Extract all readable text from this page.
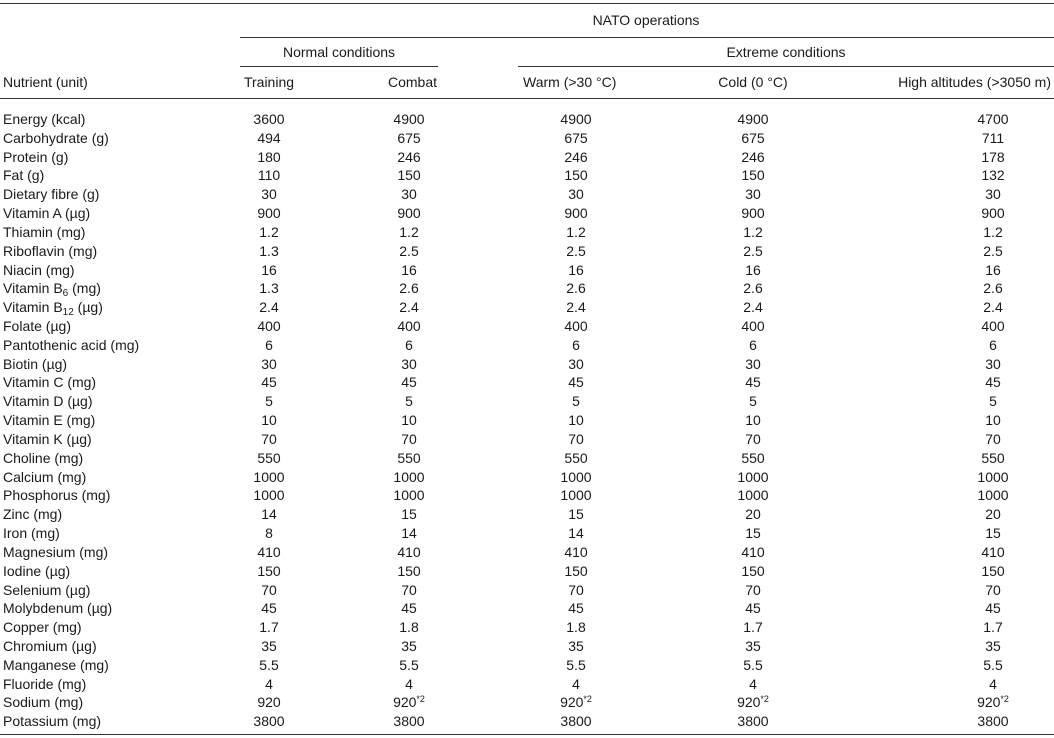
NATO operations
Normal conditions	Extreme conditions
Nutrient (unit)	Training	Combat	Warm (>30 °C)	Cold (0 °C)	High altitudes (>3050 m)
Energy (kcal)	3600	4900	4900	4900	4700
Carbohydrate (g)	494	675	675	675	711
Protein (g)	180	246	246	246	178
Fat (g)	110	150	150	150	132
Dietary fibre (g)	30	30	30	30	30
Vitamin A (µg)	900	900	900	900	900
Thiamin (mg)	1.2	1.2	1.2	1.2	1.2
Riboflavin (mg)	1.3	2.5	2.5	2.5	2.5
Niacin (mg)	16	16	16	16	16
Vitamin $B_6$ (mg)	1.3	2.6	2.6	2.6	2.6
Vitamin $B_{12}$ (µg)	2.4	2.4	2.4	2.4	2.4
Folate (µg)	400	400	400	400	400
Pantothenic acid (mg)	6	6	6	6	6
Biotin (µg)	30	30	30	30	30
Vitamin C (mg)	45	45	45	45	45
Vitamin D (µg)	5	5	5	5	5
Vitamin E (mg)	10	10	10	10	10
Vitamin K (µg)	70	70	70	70	70
Choline (mg)	550	550	550	550	550
Calcium (mg)	1000	1000	1000	1000	1000
Phosphorus (mg)	1000	1000	1000	1000	1000
Zinc (mg)	14	15	15	20	20
Iron (mg)	8	14	14	15	15
Magnesium (mg)	410	410	410	410	410
Iodine (µg)	150	150	150	150	150
Selenium (µg)	70	70	70	70	70
Molybdenum (µg)	45	45	45	45	45
Copper (mg)	1.7	1.8	1.8	1.7	1.7
Chromium (µg)	35	35	35	35	35
Manganese (mg)	5.5	5.5	5.5	5.5	5.5
Fluoride (mg)	4	4	4	4	4
Sodium (mg)	920	920$^{*2}$	920$^{*2}$	920$^{*2}$	920$^{*2}$
Potassium (mg)	3800	3800	3800	3800	3800
